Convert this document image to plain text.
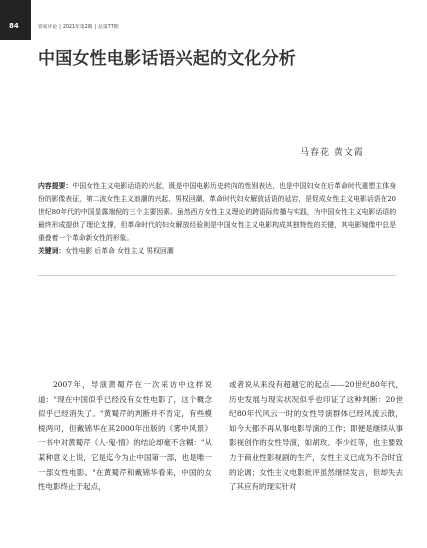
84	管家评论 | 2021年第2期 | 总第77期
中国女性电影话语兴起的文化分析
马春花 黄文霞

内容提要：中国女性主义电影话语的兴起，既是中国电影历史转向的性别表达，也是中国妇女在后革命时代重塑主体身份的影像表征，第二波女性主义浪潮的兴起、男权回潮、革命时代妇女解放话语的延宕，是促成女性主义电影话语在20世纪80年代的中国显露端倪的三个主要因素。虽然西方女性主义理论的跨语际传播与实践，为中国女性主义电影话语的最终形成提供了理论支撑，但革命时代的妇女解放经验则是中国女性主义电影构成其独特性的关键，其电影镜像中总是重叠着一个革命新女性的形象。

关键词：女性电影 后革命 女性主义 男权回潮

2007年，导演黄蜀芹在一次采访中这样说道："现在中国似乎已经没有女性电影了，这个概念似乎已经消失了。"黄蜀芹的判断并不肯定，有些模棱两可，但戴锦华在其2000年出版的《雾中风景》一书中对黄蜀芹《人·鬼·情》的结论却毫不含糊："从某种意义上说，它是迄今为止中国第一部，也是唯一一部女性电影。"在黄蜀芹和戴锦华看来，中国的女性电影终止于起点，

或者说从来没有超越它的起点——20世纪80年代，历史发展与现实状况似乎也印证了这种判断：20世纪80年代风云一时的女性导演群体已经风流云散，如今大都不再从事电影导演的工作；即便是继续从事影视创作的女性导演，如胡玫、李少红等，也主要致力于商业性影视剧的生产，女性主义已成为不合时宜的论调；女性主义电影批评虽然继续发言，但却失去了其应有的现实针对
